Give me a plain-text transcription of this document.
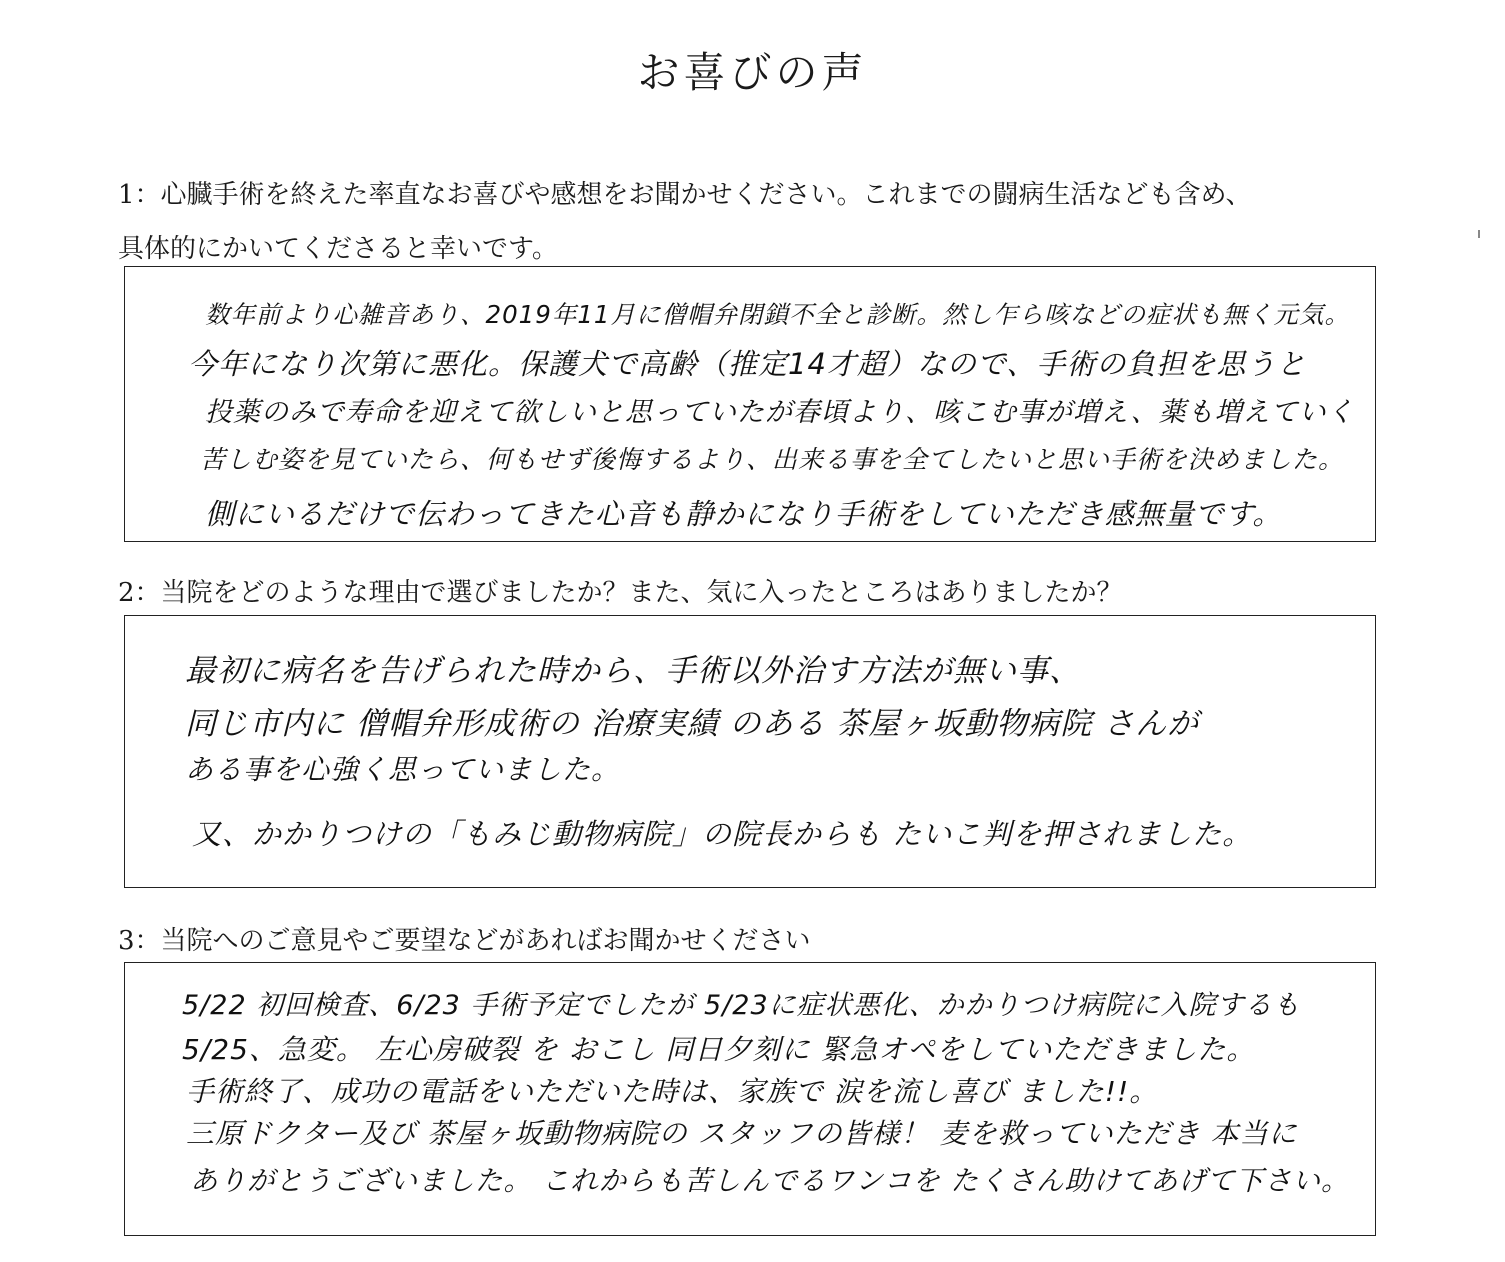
お喜びの声

1：心臓手術を終えた率直なお喜びや感想をお聞かせください。これまでの闘病生活なども含め、
具体的にかいてくださると幸いです。

数年前より心雑音あり、2019年11月に僧帽弁閉鎖不全と診断。然し乍ら咳などの症状も無く元気。

今年になり次第に悪化。保護犬で高齢（推定14才超）なので、手術の負担を思うと

投薬のみで寿命を迎えて欲しいと思っていたが春頃より、咳こむ事が増え、薬も増えていく

苦しむ姿を見ていたら、何もせず後悔するより、出来る事を全てしたいと思い手術を決めました。

側にいるだけで伝わってきた心音も静かになり手術をしていただき感無量です。

2：当院をどのような理由で選びましたか？また、気に入ったところはありましたか？

最初に病名を告げられた時から、手術以外治す方法が無い事、

同じ市内に 僧帽弁形成術の 治療実績 のある 茶屋ヶ坂動物病院 さんが

ある事を心強く思っていました。

又、かかりつけの「もみじ動物病院」の院長からも たいこ判を押されました。

3：当院へのご意見やご要望などがあればお聞かせください

5/22 初回検査、6/23 手術予定でしたが 5/23に症状悪化、かかりつけ病院に入院するも

5/25、急変。 左心房破裂 を おこし 同日夕刻に 緊急オペをしていただきました。

手術終了、成功の電話をいただいた時は、家族で 涙を流し喜び ました!!。

三原ドクター及び 茶屋ヶ坂動物病院の スタッフの皆様！ 麦を救っていただき 本当に

ありがとうございました。 これからも苦しんでるワンコを たくさん助けてあげて下さい。
